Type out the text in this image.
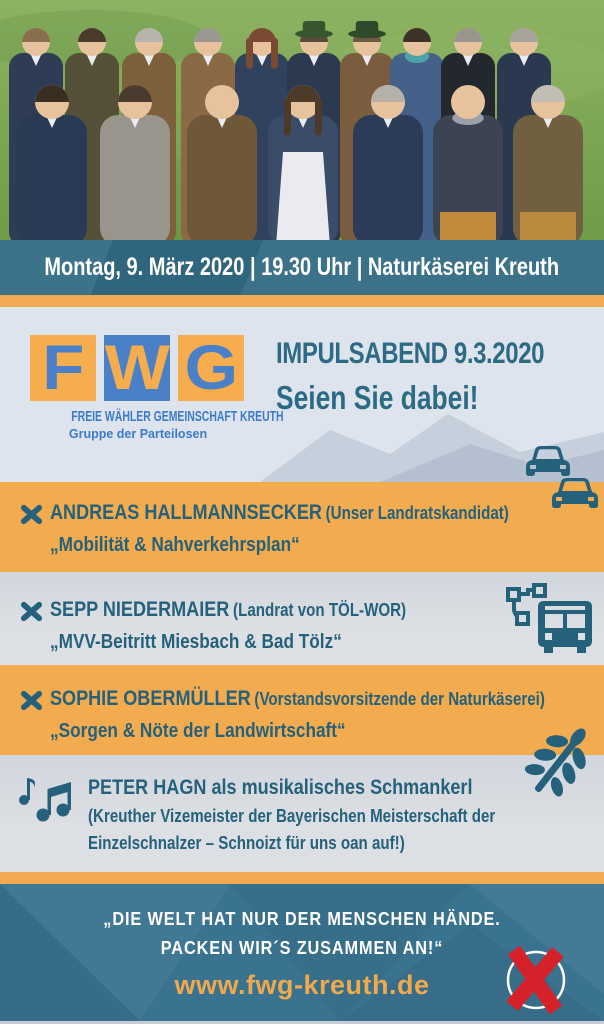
Montag, 9. März 2020 | 19.30 Uhr | Naturkäserei Kreuth
F W G
FREIE WÄHLER GEMEINSCHAFT KREUTH
Gruppe der Parteilosen
IMPULSABEND 9.3.2020
Seien Sie dabei!
ANDREAS HALLMANNSECKER (Unser Landratskandidat)
„Mobilität & Nahverkehrsplan“
SEPP NIEDERMAIER (Landrat von TÖL-WOR)
„MVV-Beitritt Miesbach & Bad Tölz“
SOPHIE OBERMÜLLER (Vorstandsvorsitzende der Naturkäserei)
„Sorgen & Nöte der Landwirtschaft“
PETER HAGN als musikalisches Schmankerl
(Kreuther Vizemeister der Bayerischen Meisterschaft der
Einzelschnalzer – Schnoizt für uns oan auf!)
„DIE WELT HAT NUR DER MENSCHEN HÄNDE.
PACKEN WIR´S ZUSAMMEN AN!“
www.fwg-kreuth.de
